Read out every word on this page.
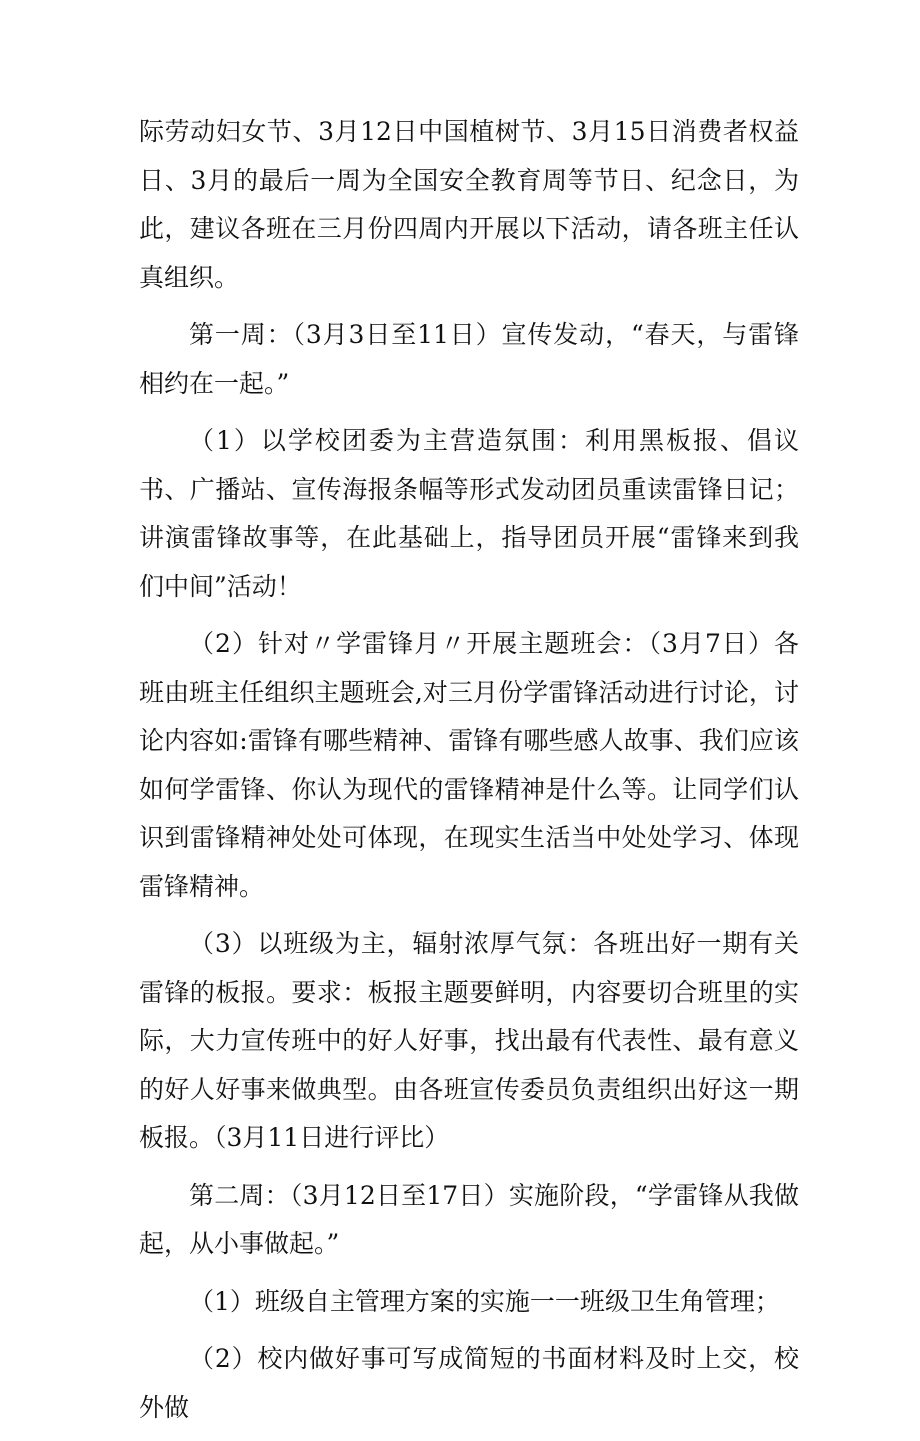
际劳动妇女节、3月12日中国植树节、3月15日消费者权益日、3月的最后一周为全国安全教育周等节日、纪念日，为此，建议各班在三月份四周内开展以下活动，请各班主任认真组织。

第一周：（3月3日至11日）宣传发动，“春天，与雷锋相约在一起。”

（1）以学校团委为主营造氛围：利用黑板报、倡议书、广播站、宣传海报条幅等形式发动团员重读雷锋日记；讲演雷锋故事等，在此基础上，指导团员开展“雷锋来到我们中间”活动！

（2）针对〃学雷锋月〃开展主题班会：（3月7日）各班由班主任组织主题班会,对三月份学雷锋活动进行讨论，讨论内容如:雷锋有哪些精神、雷锋有哪些感人故事、我们应该如何学雷锋、你认为现代的雷锋精神是什么等。让同学们认识到雷锋精神处处可体现，在现实生活当中处处学习、体现雷锋精神。

（3）以班级为主，辐射浓厚气氛：各班出好一期有关雷锋的板报。要求：板报主题要鲜明，内容要切合班里的实际，大力宣传班中的好人好事，找出最有代表性、最有意义的好人好事来做典型。由各班宣传委员负责组织出好这一期板报。（3月11日进行评比）

第二周：（3月12日至17日）实施阶段，“学雷锋从我做起，从小事做起。”

（1）班级自主管理方案的实施一一班级卫生角管理；

（2）校内做好事可写成简短的书面材料及时上交，校外做
